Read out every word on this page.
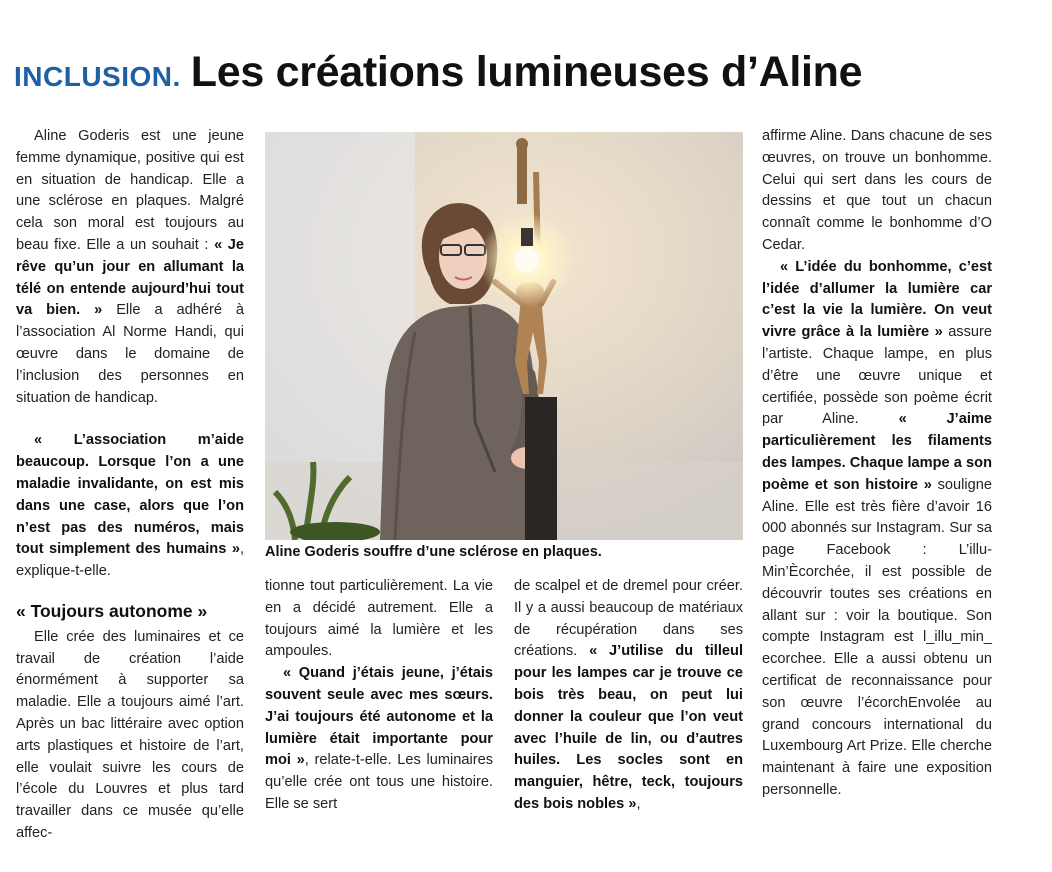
INCLUSION. Les créations lumineuses d’Aline

Aline Goderis est une jeune femme dynamique, positive qui est en situation de handicap. Elle a une sclérose en plaques. Malgré cela son moral est toujours au beau fixe. Elle a un souhait : « Je rêve qu’un jour en allumant la télé on entende aujourd’hui tout va bien. » Elle a adhéré à l’association Al Norme Handi, qui œuvre dans le domaine de l’inclusion des personnes en situation de handicap.

« L’association m’aide beaucoup. Lorsque l’on a une maladie invalidante, on est mis dans une case, alors que l’on n’est pas des numéros, mais tout simplement des humains », explique-t-elle.

« Toujours autonome »

Elle crée des luminaires et ce travail de création l’aide énormément à supporter sa maladie. Elle a toujours aimé l’art. Après un bac littéraire avec option arts plastiques et histoire de l’art, elle voulait suivre les cours de l’école du Louvres et plus tard travailler dans ce musée qu’elle affec-

Aline Goderis souffre d’une sclérose en plaques.

tionne tout particulièrement. La vie en a décidé autrement. Elle a toujours aimé la lumière et les ampoules.

« Quand j’étais jeune, j’étais souvent seule avec mes sœurs. J’ai toujours été autonome et la lumière était importante pour moi », relate-t-elle. Les luminaires qu’elle crée ont tous une histoire. Elle se sert

de scalpel et de dremel pour créer. Il y a aussi beaucoup de matériaux de récupération dans ses créations. « J’utilise du tilleul pour les lampes car je trouve ce bois très beau, on peut lui donner la couleur que l’on veut avec l’huile de lin, ou d’autres huiles. Les socles sont en manguier, hêtre, teck, toujours des bois nobles »,

affirme Aline. Dans chacune de ses œuvres, on trouve un bonhomme. Celui qui sert dans les cours de dessins et que tout un chacun connaît comme le bonhomme d’O Cedar.

« L’idée du bonhomme, c’est l’idée d’allumer la lumière car c’est la vie la lumière. On veut vivre grâce à la lumière » assure l’artiste. Chaque lampe, en plus d’être une œuvre unique et certifiée, possède son poème écrit par Aline. « J’aime particulièrement les filaments des lampes. Chaque lampe a son poème et son histoire » souligne Aline. Elle est très fière d’avoir 16 000 abonnés sur Instagram. Sur sa page Facebook : L’illu-Min’Ècorchée, il est possible de découvrir toutes ses créations en allant sur : voir la boutique. Son compte Instagram est l_illu_min_ ecorchee. Elle a aussi obtenu un certificat de reconnaissance pour son œuvre l’écorchEnvolée au grand concours international du Luxembourg Art Prize. Elle cherche maintenant à faire une exposition personnelle.
